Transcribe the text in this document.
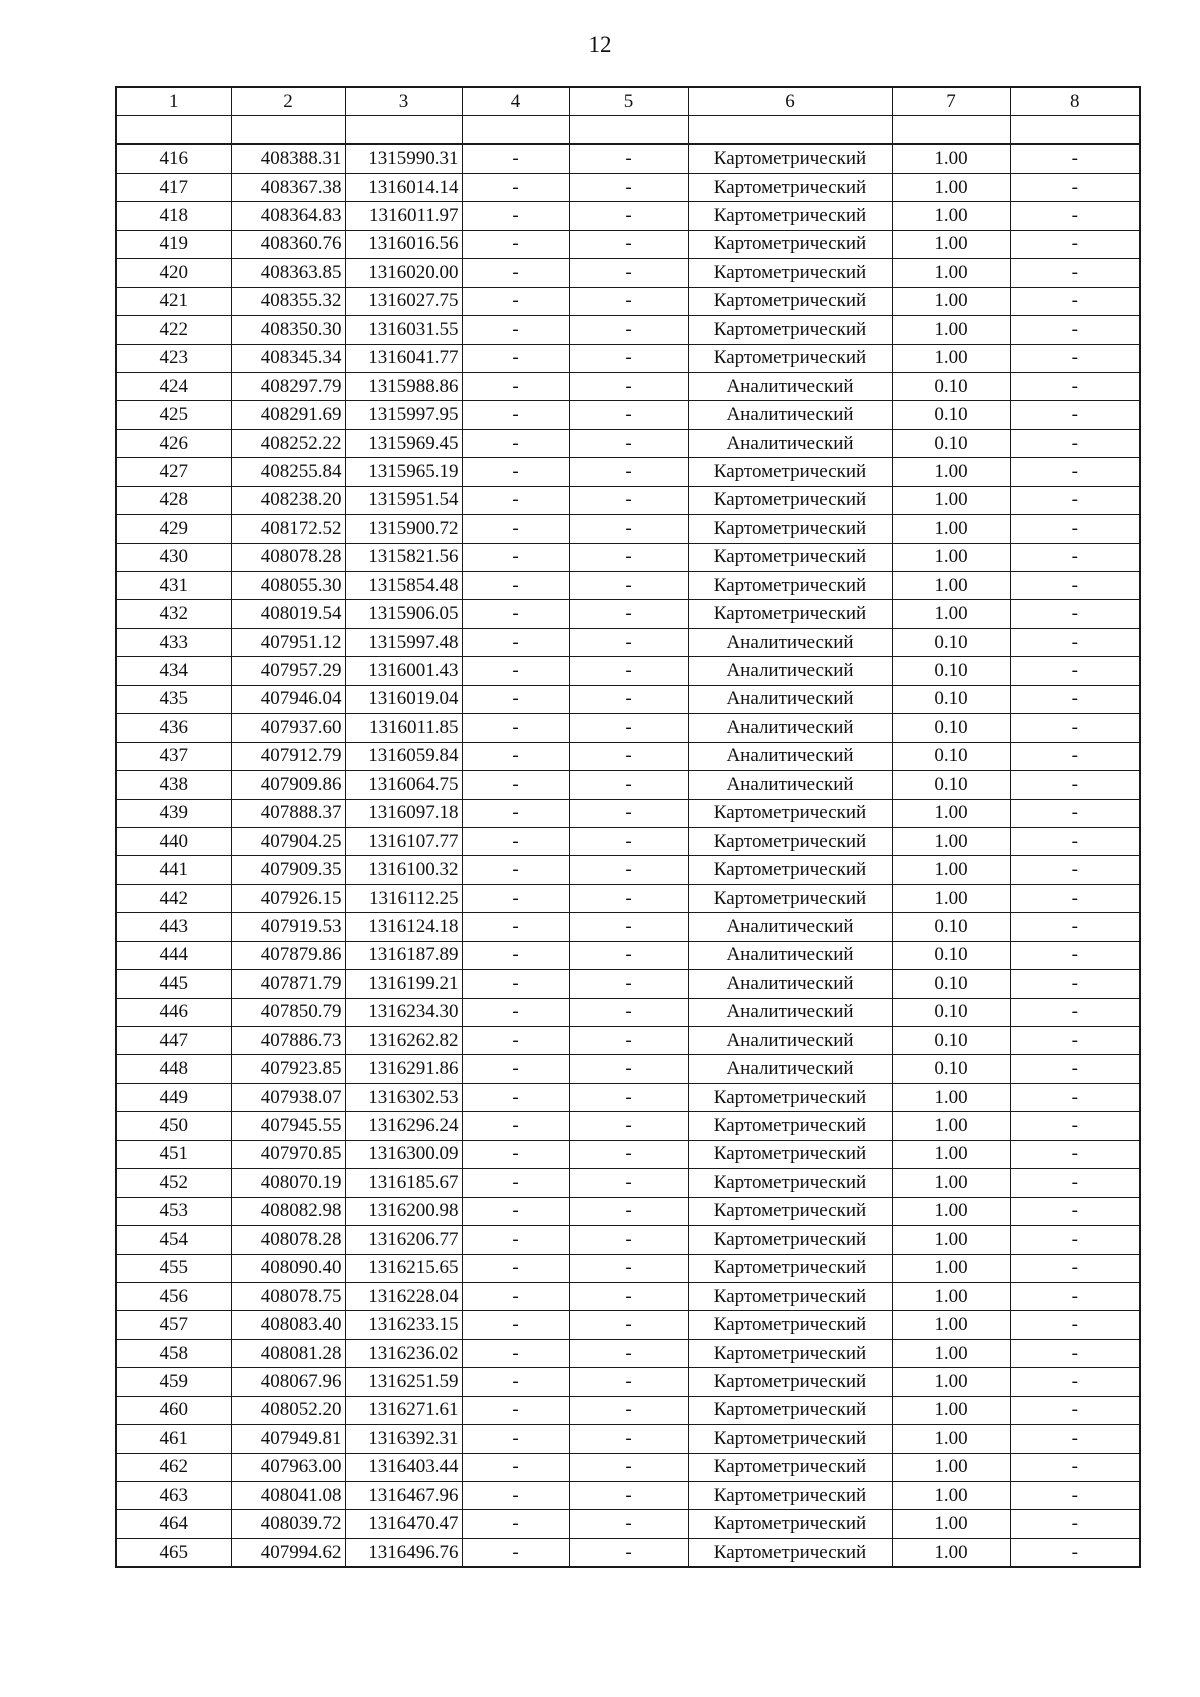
12
1	2	3	4	5	6	7	8

416	408388.31	1315990.31	-	-	Картометрический	1.00	-
417	408367.38	1316014.14	-	-	Картометрический	1.00	-
418	408364.83	1316011.97	-	-	Картометрический	1.00	-
419	408360.76	1316016.56	-	-	Картометрический	1.00	-
420	408363.85	1316020.00	-	-	Картометрический	1.00	-
421	408355.32	1316027.75	-	-	Картометрический	1.00	-
422	408350.30	1316031.55	-	-	Картометрический	1.00	-
423	408345.34	1316041.77	-	-	Картометрический	1.00	-
424	408297.79	1315988.86	-	-	Аналитический	0.10	-
425	408291.69	1315997.95	-	-	Аналитический	0.10	-
426	408252.22	1315969.45	-	-	Аналитический	0.10	-
427	408255.84	1315965.19	-	-	Картометрический	1.00	-
428	408238.20	1315951.54	-	-	Картометрический	1.00	-
429	408172.52	1315900.72	-	-	Картометрический	1.00	-
430	408078.28	1315821.56	-	-	Картометрический	1.00	-
431	408055.30	1315854.48	-	-	Картометрический	1.00	-
432	408019.54	1315906.05	-	-	Картометрический	1.00	-
433	407951.12	1315997.48	-	-	Аналитический	0.10	-
434	407957.29	1316001.43	-	-	Аналитический	0.10	-
435	407946.04	1316019.04	-	-	Аналитический	0.10	-
436	407937.60	1316011.85	-	-	Аналитический	0.10	-
437	407912.79	1316059.84	-	-	Аналитический	0.10	-
438	407909.86	1316064.75	-	-	Аналитический	0.10	-
439	407888.37	1316097.18	-	-	Картометрический	1.00	-
440	407904.25	1316107.77	-	-	Картометрический	1.00	-
441	407909.35	1316100.32	-	-	Картометрический	1.00	-
442	407926.15	1316112.25	-	-	Картометрический	1.00	-
443	407919.53	1316124.18	-	-	Аналитический	0.10	-
444	407879.86	1316187.89	-	-	Аналитический	0.10	-
445	407871.79	1316199.21	-	-	Аналитический	0.10	-
446	407850.79	1316234.30	-	-	Аналитический	0.10	-
447	407886.73	1316262.82	-	-	Аналитический	0.10	-
448	407923.85	1316291.86	-	-	Аналитический	0.10	-
449	407938.07	1316302.53	-	-	Картометрический	1.00	-
450	407945.55	1316296.24	-	-	Картометрический	1.00	-
451	407970.85	1316300.09	-	-	Картометрический	1.00	-
452	408070.19	1316185.67	-	-	Картометрический	1.00	-
453	408082.98	1316200.98	-	-	Картометрический	1.00	-
454	408078.28	1316206.77	-	-	Картометрический	1.00	-
455	408090.40	1316215.65	-	-	Картометрический	1.00	-
456	408078.75	1316228.04	-	-	Картометрический	1.00	-
457	408083.40	1316233.15	-	-	Картометрический	1.00	-
458	408081.28	1316236.02	-	-	Картометрический	1.00	-
459	408067.96	1316251.59	-	-	Картометрический	1.00	-
460	408052.20	1316271.61	-	-	Картометрический	1.00	-
461	407949.81	1316392.31	-	-	Картометрический	1.00	-
462	407963.00	1316403.44	-	-	Картометрический	1.00	-
463	408041.08	1316467.96	-	-	Картометрический	1.00	-
464	408039.72	1316470.47	-	-	Картометрический	1.00	-
465	407994.62	1316496.76	-	-	Картометрический	1.00	-
